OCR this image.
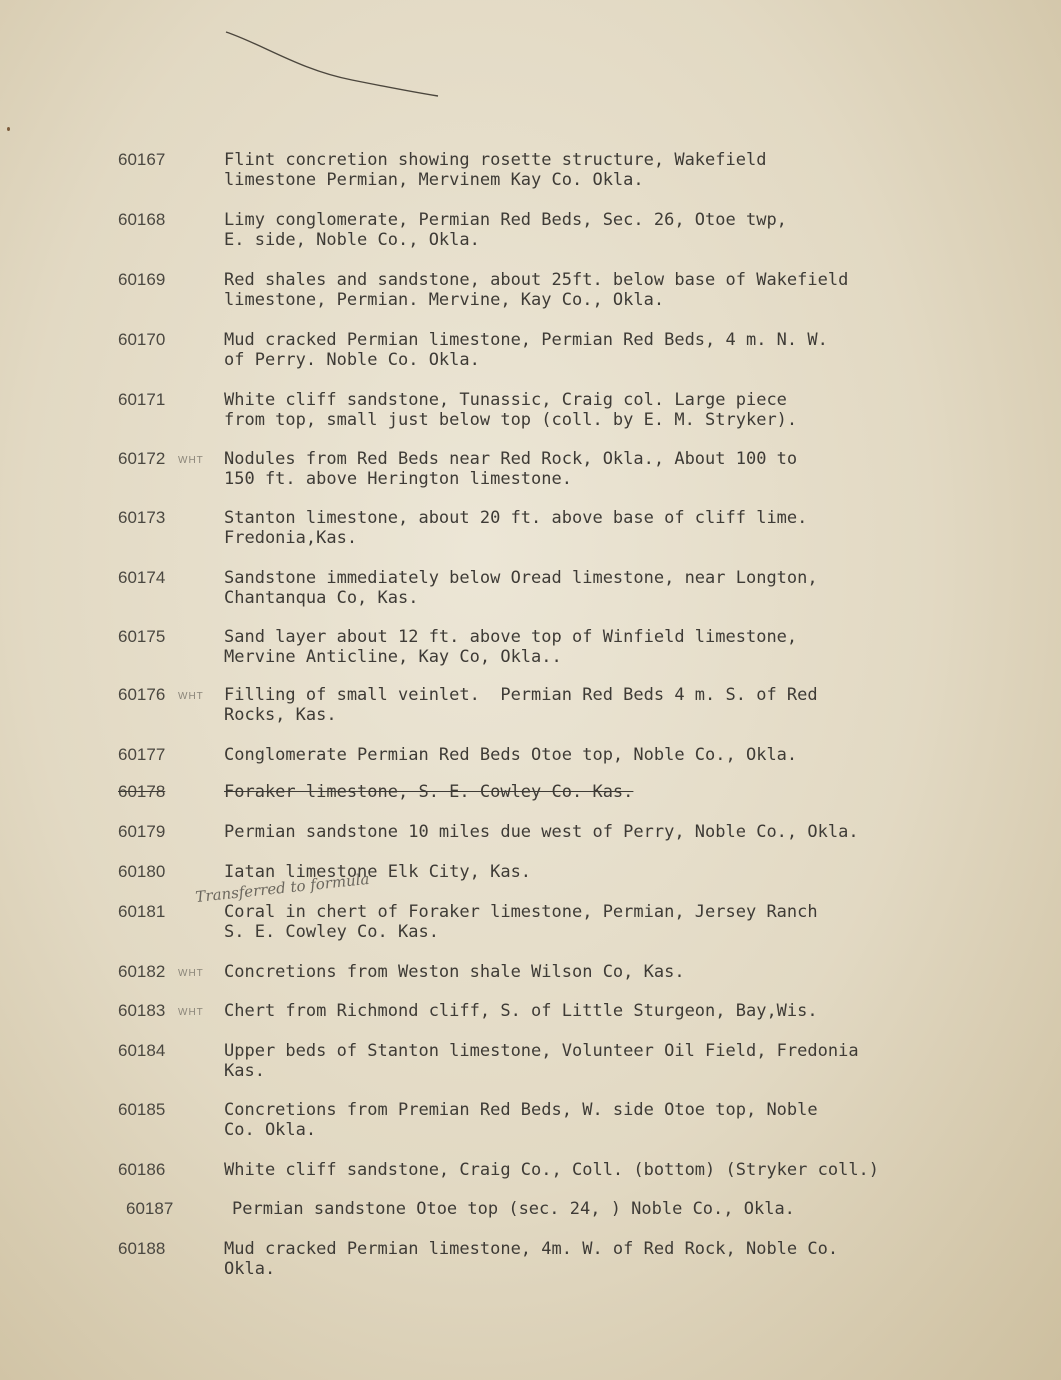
60167	Flint concretion showing rosette structure, Wakefield
limestone Permian, Mervinem Kay Co. Okla.
60168	Limy conglomerate, Permian Red Beds, Sec. 26, Otoe twp,
E. side, Noble Co., Okla.
60169	Red shales and sandstone, about 25ft. below base of Wakefield
limestone, Permian. Mervine, Kay Co., Okla.
60170	Mud cracked Permian limestone, Permian Red Beds, 4 m. N. W.
of Perry. Noble Co. Okla.
60171	White cliff sandstone, Tunassic, Craig col. Large piece
from top, small just below top (coll. by E. M. Stryker).
60172	WHT Nodules from Red Beds near Red Rock, Okla., About 100 to
150 ft. above Herington limestone.
60173	Stanton limestone, about 20 ft. above base of cliff lime.
Fredonia,Kas.
60174	Sandstone immediately below Oread limestone, near Longton,
Chantanqua Co, Kas.
60175	Sand layer about 12 ft. above top of Winfield limestone,
Mervine Anticline, Kay Co, Okla..
60176	WHT Filling of small veinlet.  Permian Red Beds 4 m. S. of Red
Rocks, Kas.
60177	Conglomerate Permian Red Beds Otoe top, Noble Co., Okla.
60178	Foraker limestone, S. E. Cowley Co. Kas.
60179	Permian sandstone 10 miles due west of Perry, Noble Co., Okla.
60180	Iatan limestone Elk City, Kas.
60181	Coral in chert of Foraker limestone, Permian, Jersey Ranch
S. E. Cowley Co. Kas.
60182	WHT Concretions from Weston shale Wilson Co, Kas.
60183	WHT Chert from Richmond cliff, S. of Little Sturgeon, Bay,Wis.
60184	Upper beds of Stanton limestone, Volunteer Oil Field, Fredonia
Kas.
60185	Concretions from Premian Red Beds, W. side Otoe top, Noble
Co. Okla.
60186	White cliff sandstone, Craig Co., Coll. (bottom) (Stryker coll.)
60187	Permian sandstone Otoe top (sec. 24, ) Noble Co., Okla.
60188	Mud cracked Permian limestone, 4m. W. of Red Rock, Noble Co.
Okla.
Transferred to formula
